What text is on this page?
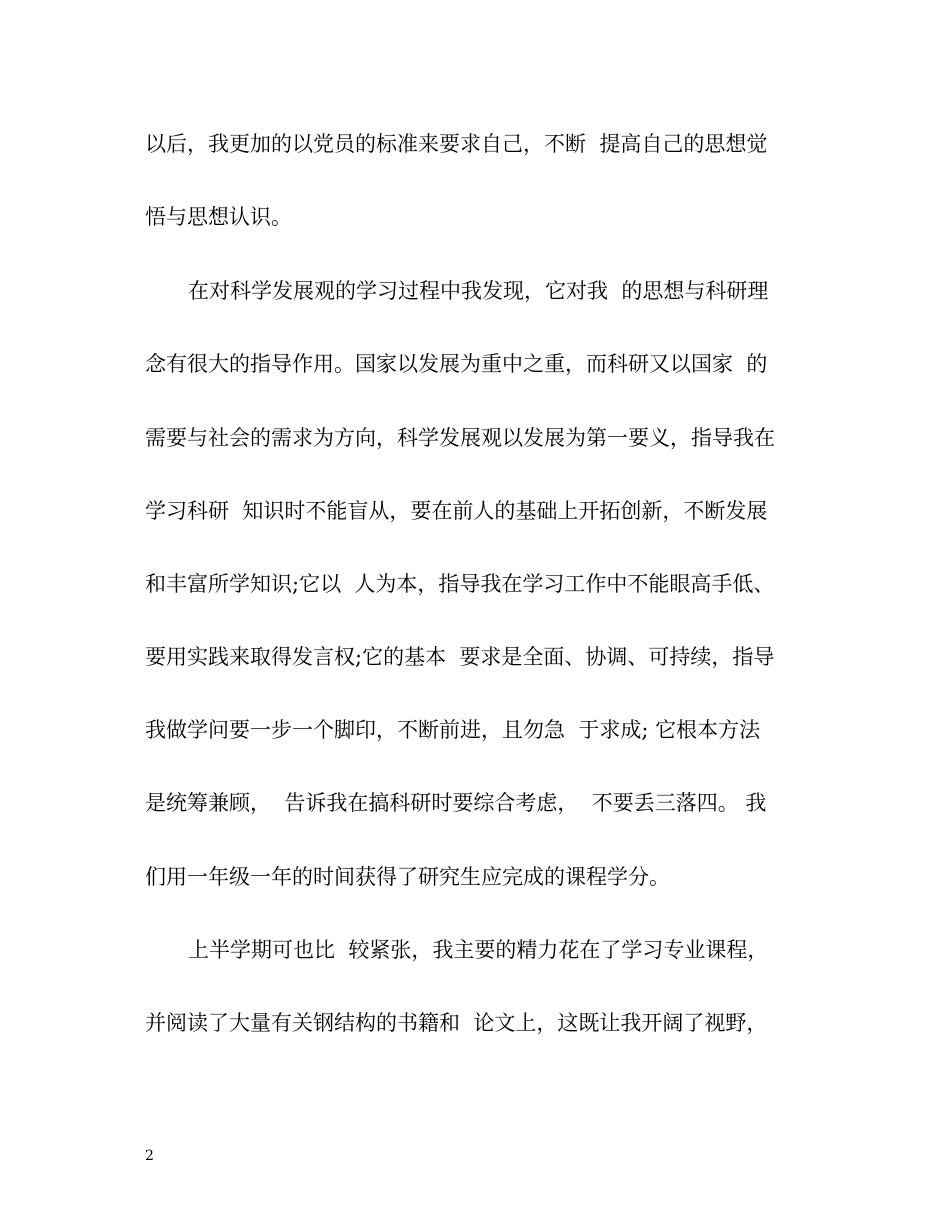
以后，我更加的以党员的标准来要求自己，不断  提高自己的思想觉
悟与思想认识。
在对科学发展观的学习过程中我发现，它对我  的思想与科研理
念有很大的指导作用。国家以发展为重中之重，而科研又以国家  的
需要与社会的需求为方向，科学发展观以发展为第一要义，指导我在
学习科研  知识时不能盲从，要在前人的基础上开拓创新，不断发展
和丰富所学知识;它以  人为本，指导我在学习工作中不能眼高手低、
要用实践来取得发言权;它的基本  要求是全面、协调、可持续，指导
我做学问要一步一个脚印，不断前进，且勿急  于求成; 它根本方法
是统筹兼顾，  告诉我在搞科研时要综合考虑，  不要丢三落四。 我
们用一年级一年的时间获得了研究生应完成的课程学分。
上半学期可也比  较紧张，我主要的精力花在了学习专业课程，
并阅读了大量有关钢结构的书籍和  论文上，这既让我开阔了视野，
2
